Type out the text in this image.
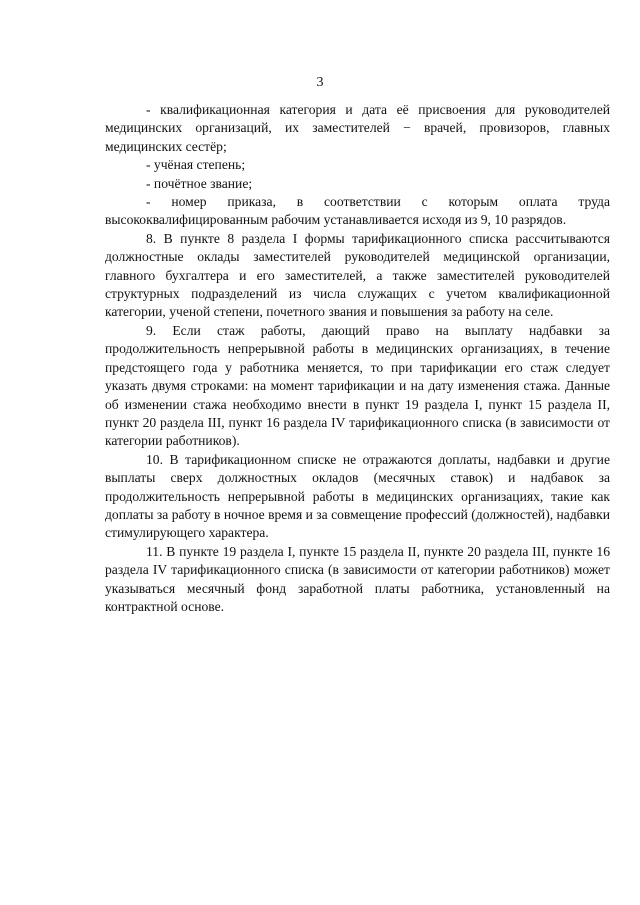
3

- квалификационная категория и дата её присвоения для руководителей медицинских организаций, их заместителей − врачей, провизоров, главных медицинских сестёр;

- учёная степень;

- почётное звание;

- номер приказа, в соответствии с которым оплата труда высококвалифицированным рабочим устанавливается исходя из 9, 10 разрядов.

8. В пункте 8 раздела I формы тарификационного списка рассчитываются должностные оклады заместителей руководителей медицинской организации, главного бухгалтера и его заместителей, а также заместителей руководителей структурных подразделений из числа служащих с учетом квалификационной категории, ученой степени, почетного звания и повышения за работу на селе.

9. Если стаж работы, дающий право на выплату надбавки за продолжительность непрерывной работы в медицинских организациях, в течение предстоящего года у работника меняется, то при тарификации его стаж следует указать двумя строками: на момент тарификации и на дату изменения стажа. Данные об изменении стажа необходимо внести в пункт 19 раздела I, пункт 15 раздела II, пункт 20 раздела III, пункт 16 раздела IV тарификационного списка (в зависимости от категории работников).

10. В тарификационном списке не отражаются доплаты, надбавки и другие выплаты сверх должностных окладов (месячных ставок) и надбавок за продолжительность непрерывной работы в медицинских организациях, такие как доплаты за работу в ночное время и за совмещение профессий (должностей), надбавки стимулирующего характера.

11. В пункте 19 раздела I, пункте 15 раздела II, пункте 20 раздела III, пункте 16 раздела IV тарификационного списка (в зависимости от категории работников) может указываться месячный фонд заработной платы работника, установленный на контрактной основе.
